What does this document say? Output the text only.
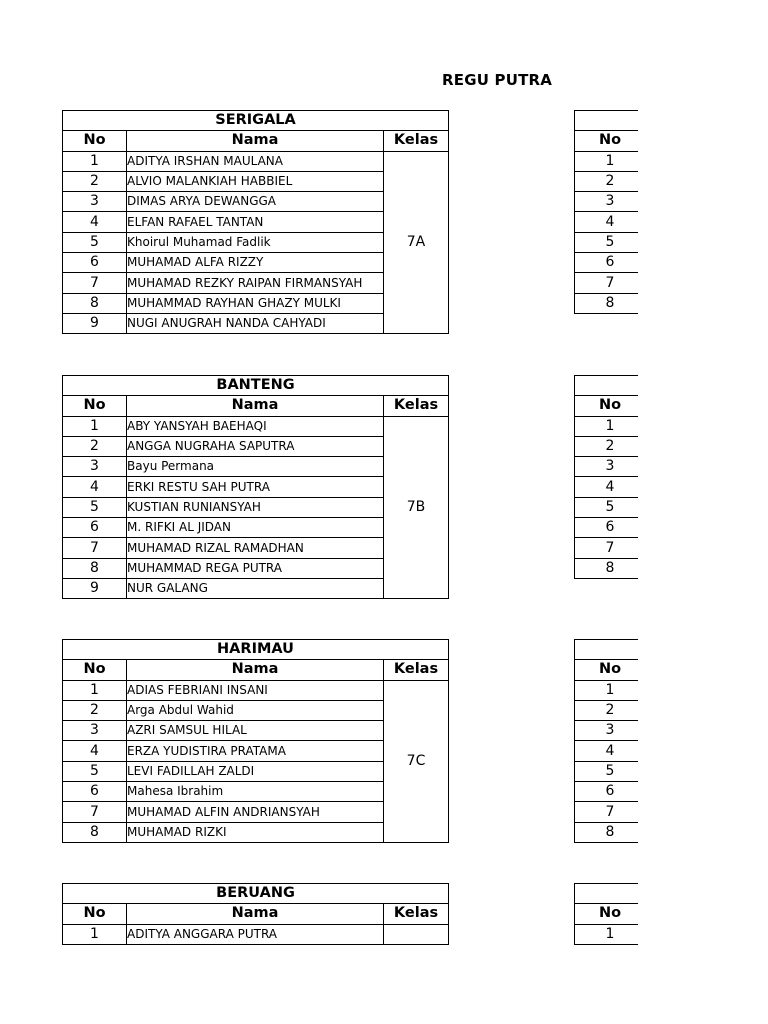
REGU PUTRA
SERIGALA		
No	Nama	Kelas
1	ADITYA IRSHAN MAULANA	7A
2	ALVIO MALANKIAH HABBIEL	
3	DIMAS ARYA DEWANGGA	
4	ELFAN RAFAEL TANTAN	
5	Khoirul Muhamad Fadlik	
6	MUHAMAD ALFA RIZZY	
7	MUHAMAD REZKY RAIPAN FIRMANSYAH	
8	MUHAMMAD RAYHAN GHAZY MULKI	
9	NUGI ANUGRAH NANDA CAHYADI	

No
1
2
3
4
5
6
7
8
BANTENG		
No	Nama	Kelas
1	ABY YANSYAH BAEHAQI	7B
2	ANGGA NUGRAHA SAPUTRA	
3	Bayu Permana	
4	ERKI RESTU SAH PUTRA	
5	KUSTIAN RUNIANSYAH	
6	M. RIFKI AL JIDAN	
7	MUHAMAD RIZAL RAMADHAN	
8	MUHAMMAD REGA PUTRA	
9	NUR GALANG	

No
1
2
3
4
5
6
7
8
HARIMAU		
No	Nama	Kelas
1	ADIAS FEBRIANI INSANI	7C
2	Arga Abdul Wahid	
3	AZRI SAMSUL HILAL	
4	ERZA YUDISTIRA PRATAMA	
5	LEVI FADILLAH ZALDI	
6	Mahesa Ibrahim	
7	MUHAMAD ALFIN ANDRIANSYAH	
8	MUHAMAD RIZKI	

No
1
2
3
4
5
6
7
8
BERUANG		
No	Nama	Kelas
1	ADITYA ANGGARA PUTRA	

No
1
